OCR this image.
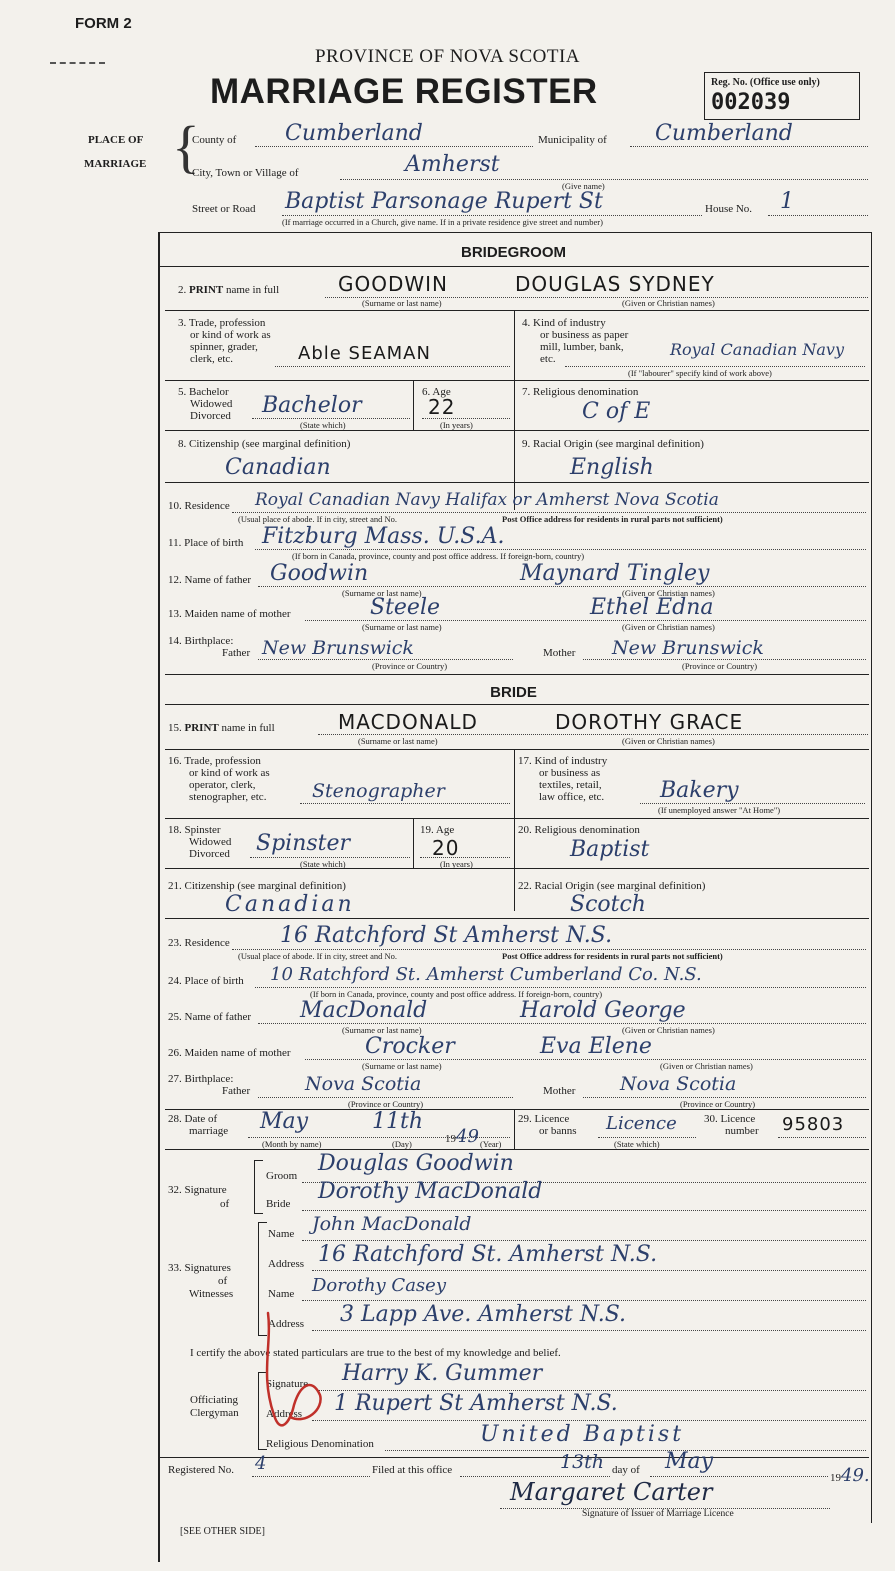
FORM 2
PROVINCE OF NOVA SCOTIA
MARRIAGE REGISTER	Reg. No. (Office use only)
002039
PLACE OF
MARRIAGE {
County of Cumberland	Municipality of Cumberland
City, Town or Village of	Amherst
(Give name)
Street or Road Baptist Parsonage Rupert St	House No. 1
(If marriage occurred in a Church, give name. If in a private residence give street and number)
BRIDEGROOM
2. PRINT name in full	GOODWIN	DOUGLAS SYDNEY
(Surname or last name)	(Given or Christian names)
3. Trade, profession
or kind of work as
spinner, grader,
clerk, etc.	Able SEAMAN
4. Kind of industry
or business as paper
mill, lumber, bank,
etc.	Royal Canadian Navy
(If "labourer" specify kind of work above)
5. Bachelor
Widowed
Divorced Bachelor
(State which)
6. Age
22
(In years)
7. Religious denomination
C of E
8. Citizenship (see marginal definition)
Canadian
9. Racial Origin (see marginal definition)
English
10. Residence Royal Canadian Navy Halifax or Amherst Nova Scotia
(Usual place of abode. If in city, street and No.	Post Office address for residents in rural parts not sufficient)
11. Place of birth Fitzburg Mass. U.S.A.
(If born in Canada, province, county and post office address. If foreign-born, country)
12. Name of father Goodwin	Maynard Tingley
(Surname or last name)	(Given or Christian names)
13. Maiden name of mother	Steele	Ethel Edna
(Surname or last name)	(Given or Christian names)
14. Birthplace:
Father New Brunswick	Mother New Brunswick
(Province or Country)	(Province or Country)
BRIDE
15. PRINT name in full	MACDONALD	DOROTHY GRACE
(Surname or last name)	(Given or Christian names)
16. Trade, profession
or kind of work as
operator, clerk,
stenographer, etc. Stenographer
17. Kind of industry
or business as
textiles, retail,
law office, etc.	Bakery
(If unemployed answer "At Home")
18. Spinster
Widowed
Divorced Spinster
(State which)
19. Age
20
(In years)
20. Religious denomination
Baptist
21. Citizenship (see marginal definition)
Canadian
22. Racial Origin (see marginal definition)
Scotch
23. Residence 16 Ratchford St Amherst N.S.
(Usual place of abode. If in city, street and No.	Post Office address for residents in rural parts not sufficient)
24. Place of birth 10 Ratchford St. Amherst Cumberland Co. N.S.
(If born in Canada, province, county and post office address. If foreign-born, country)
25. Name of father MacDonald	Harold George
(Surname or last name)	(Given or Christian names)
26. Maiden name of mother	Crocker	Eva Elene
(Surname or last name)	(Given or Christian names)
27. Birthplace:
Father	Nova Scotia	Mother Nova Scotia
(Province or Country)	(Province or Country)
28. Date of
marriage May	11th
1949
(Month by name)	(Day)	(Year)
29. Licence
or banns Licence
(State which)
30. Licence
number 95803
32. Signature
of
Groom Douglas Goodwin
Bride Dorothy MacDonald
33. Signatures
of
Witnesses
Name John MacDonald
Address 16 Ratchford St. Amherst N.S.
Name Dorothy Casey
Address 3 Lapp Ave. Amherst N.S.
I certify the above stated particulars are true to the best of my knowledge and belief.
Officiating
Clergyman
Signature Harry K. Gummer
Address 1 Rupert St Amherst N.S.
Religious Denomination	United Baptist
Registered No. 4	Filed at this office	13th day of May
1949.
Margaret Carter
Signature of Issuer of Marriage Licence
[SEE OTHER SIDE]
